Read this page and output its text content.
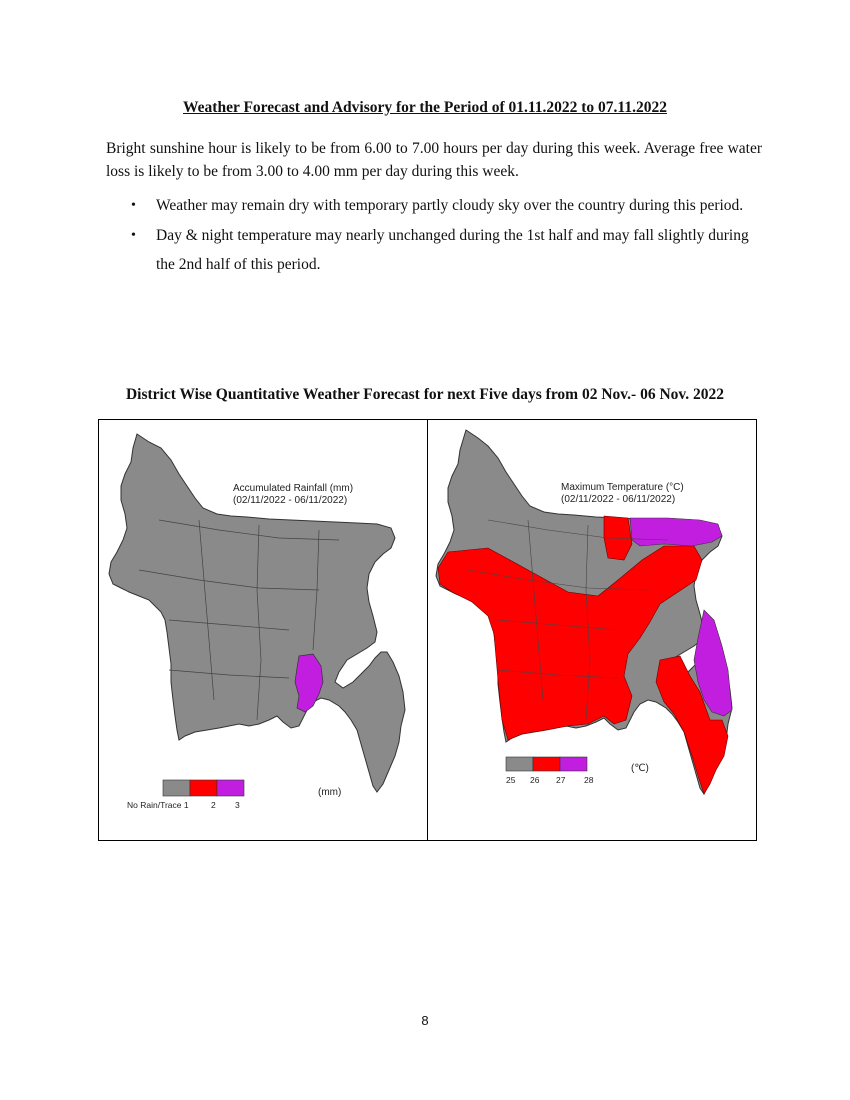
Weather Forecast and Advisory for the Period of 01.11.2022 to 07.11.2022
Bright sunshine hour is likely to be from 6.00 to 7.00 hours per day during this week. Average free water loss is likely to be from 3.00 to 4.00 mm per day during this week.
• Weather may remain dry with temporary partly cloudy sky over the country during this period.
• Day & night temperature may nearly unchanged during the 1st half and may fall slightly during the 2nd half of this period.
District Wise Quantitative Weather Forecast for next Five days from 02 Nov.- 06 Nov. 2022
Accumulated Rainfall (mm)
(02/11/2022 - 06/11/2022)
No Rain/Trace 1	2 3
(mm)
Maximum Temperature (°C)
(02/11/2022 - 06/11/2022)
25 26 27 28
(℃)
8
